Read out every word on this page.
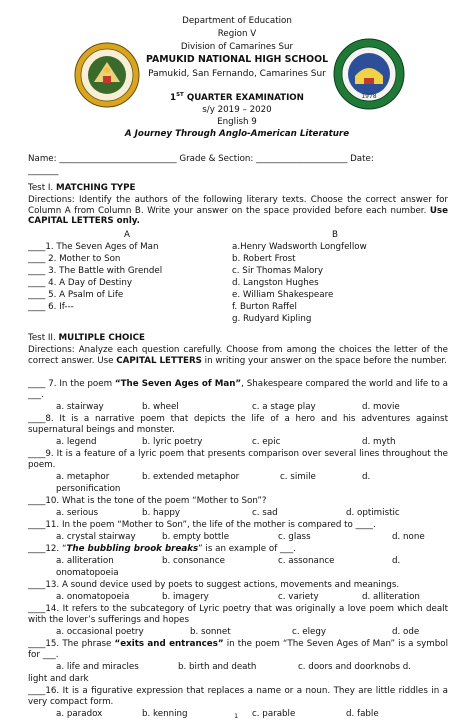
1978
Department of Education
Region V
Division of Camarines Sur
PAMUKID NATIONAL HIGH SCHOOL
Pamukid, San Fernando, Camarines Sur
1ST QUARTER EXAMINATION
s/y 2019 – 2020
English 9
A Journey Through Anglo-American Literature
Name: ___________________________ Grade & Section: _____________________ Date:
_______
Test I. MATCHING TYPE
Directions: Identify the authors of the following literary texts. Choose the correct answer for Column A from Column B. Write your answer on the space provided before each number. Use CAPITAL LETTERS only.
A	B
____1. The Seven Ages of Man
____ 2. Mother to Son
____ 3. The Battle with Grendel
____ 4. A Day of Destiny
____ 5. A Psalm of Life
____ 6. If---
a.Henry Wadsworth Longfellow
b. Robert Frost
c. Sir Thomas Malory
d. Langston Hughes
e. William Shakespeare
f. Burton Raffel
g. Rudyard Kipling
Test II. MULTIPLE CHOICE
Directions: Analyze each question carefully. Choose from among the choices the letter of the correct answer. Use CAPITAL LETTERS in writing your answer on the space before the number.
____ 7. In the poem “The Seven Ages of Man”, Shakespeare compared the world and life to a ___.
a. stairway	b. wheel	c. a stage play	d. movie
____8. It is a narrative poem that depicts the life of a hero and his adventures against supernatural beings and monster.
a. legend	b. lyric poetry	c. epic	d. myth
____9. It is a feature of a lyric poem that presents comparison over several lines throughout the poem.
a. metaphor	b. extended metaphor	c. simile	d.
personification
____10. What is the tone of the poem “Mother to Son”?
a. serious	b. happy	c. sad	d. optimistic
____11. In the poem “Mother to Son”, the life of the mother is compared to ____.
a. crystal stairway	b. empty bottle	c. glass	d. none
____12. “The bubbling brook breaks” is an example of ___.
a. alliteration	b. consonance	c. assonance	d.
onomatopoeia
____13. A sound device used by poets to suggest actions, movements and meanings.
a. onomatopoeia	b. imagery	c. variety	d. alliteration
____14. It refers to the subcategory of Lyric poetry that was originally a love poem which dealt with the lover’s sufferings and hopes
a. occasional poetry	b. sonnet	c. elegy	d. ode
____15. The phrase “exits and entrances” in the poem “The Seven Ages of Man” is a symbol for ___.
a. life and miracles	b. birth and death	c. doors and doorknobs d.
light and dark
____16. It is a figurative expression that replaces a name or a noun. They are little riddles in a very compact form.
a. paradox	b. kenning	c. parable	d. fable
____17. These are words that can signal how to interpret the relationship between sentences in a number of different ways.
1
